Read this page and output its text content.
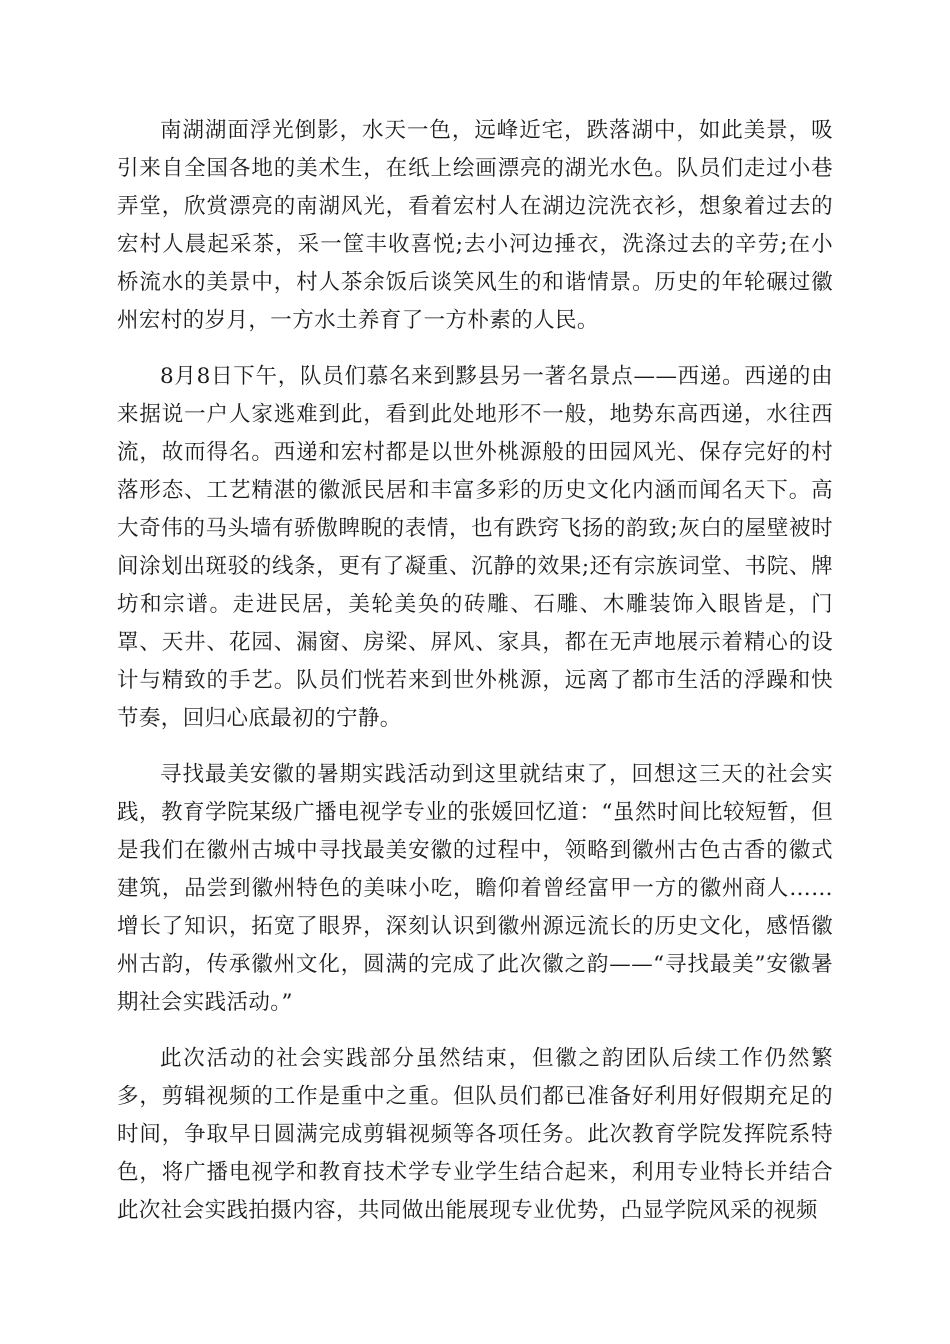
南湖湖面浮光倒影，水天一色，远峰近宅，跌落湖中，如此美景，吸引来自全国各地的美术生，在纸上绘画漂亮的湖光水色。队员们走过小巷弄堂，欣赏漂亮的南湖风光，看着宏村人在湖边浣洗衣衫，想象着过去的宏村人晨起采茶，采一筐丰收喜悦;去小河边捶衣，洗涤过去的辛劳;在小桥流水的美景中，村人茶余饭后谈笑风生的和谐情景。历史的年轮碾过徽州宏村的岁月，一方水土养育了一方朴素的人民。

8月8日下午，队员们慕名来到黟县另一著名景点——西递。西递的由来据说一户人家逃难到此，看到此处地形不一般，地势东高西递，水往西流，故而得名。西递和宏村都是以世外桃源般的田园风光、保存完好的村落形态、工艺精湛的徽派民居和丰富多彩的历史文化内涵而闻名天下。高大奇伟的马头墙有骄傲睥睨的表情，也有跌窍飞扬的韵致;灰白的屋壁被时间涂划出斑驳的线条，更有了凝重、沉静的效果;还有宗族词堂、书院、牌坊和宗谱。走进民居，美轮美奂的砖雕、石雕、木雕装饰入眼皆是，门罩、天井、花园、漏窗、房梁、屏风、家具，都在无声地展示着精心的设计与精致的手艺。队员们恍若来到世外桃源，远离了都市生活的浮躁和快节奏，回归心底最初的宁静。

寻找最美安徽的暑期实践活动到这里就结束了，回想这三天的社会实践，教育学院某级广播电视学专业的张媛回忆道：“虽然时间比较短暂，但是我们在徽州古城中寻找最美安徽的过程中，领略到徽州古色古香的徽式建筑，品尝到徽州特色的美味小吃，瞻仰着曾经富甲一方的徽州商人……增长了知识，拓宽了眼界，深刻认识到徽州源远流长的历史文化，感悟徽州古韵，传承徽州文化，圆满的完成了此次徽之韵——“寻找最美”安徽暑期社会实践活动。”

此次活动的社会实践部分虽然结束，但徽之韵团队后续工作仍然繁多，剪辑视频的工作是重中之重。但队员们都已准备好利用好假期充足的时间，争取早日圆满完成剪辑视频等各项任务。此次教育学院发挥院系特色，将广播电视学和教育技术学专业学生结合起来，利用专业特长并结合此次社会实践拍摄内容，共同做出能展现专业优势，凸显学院风采的视频
